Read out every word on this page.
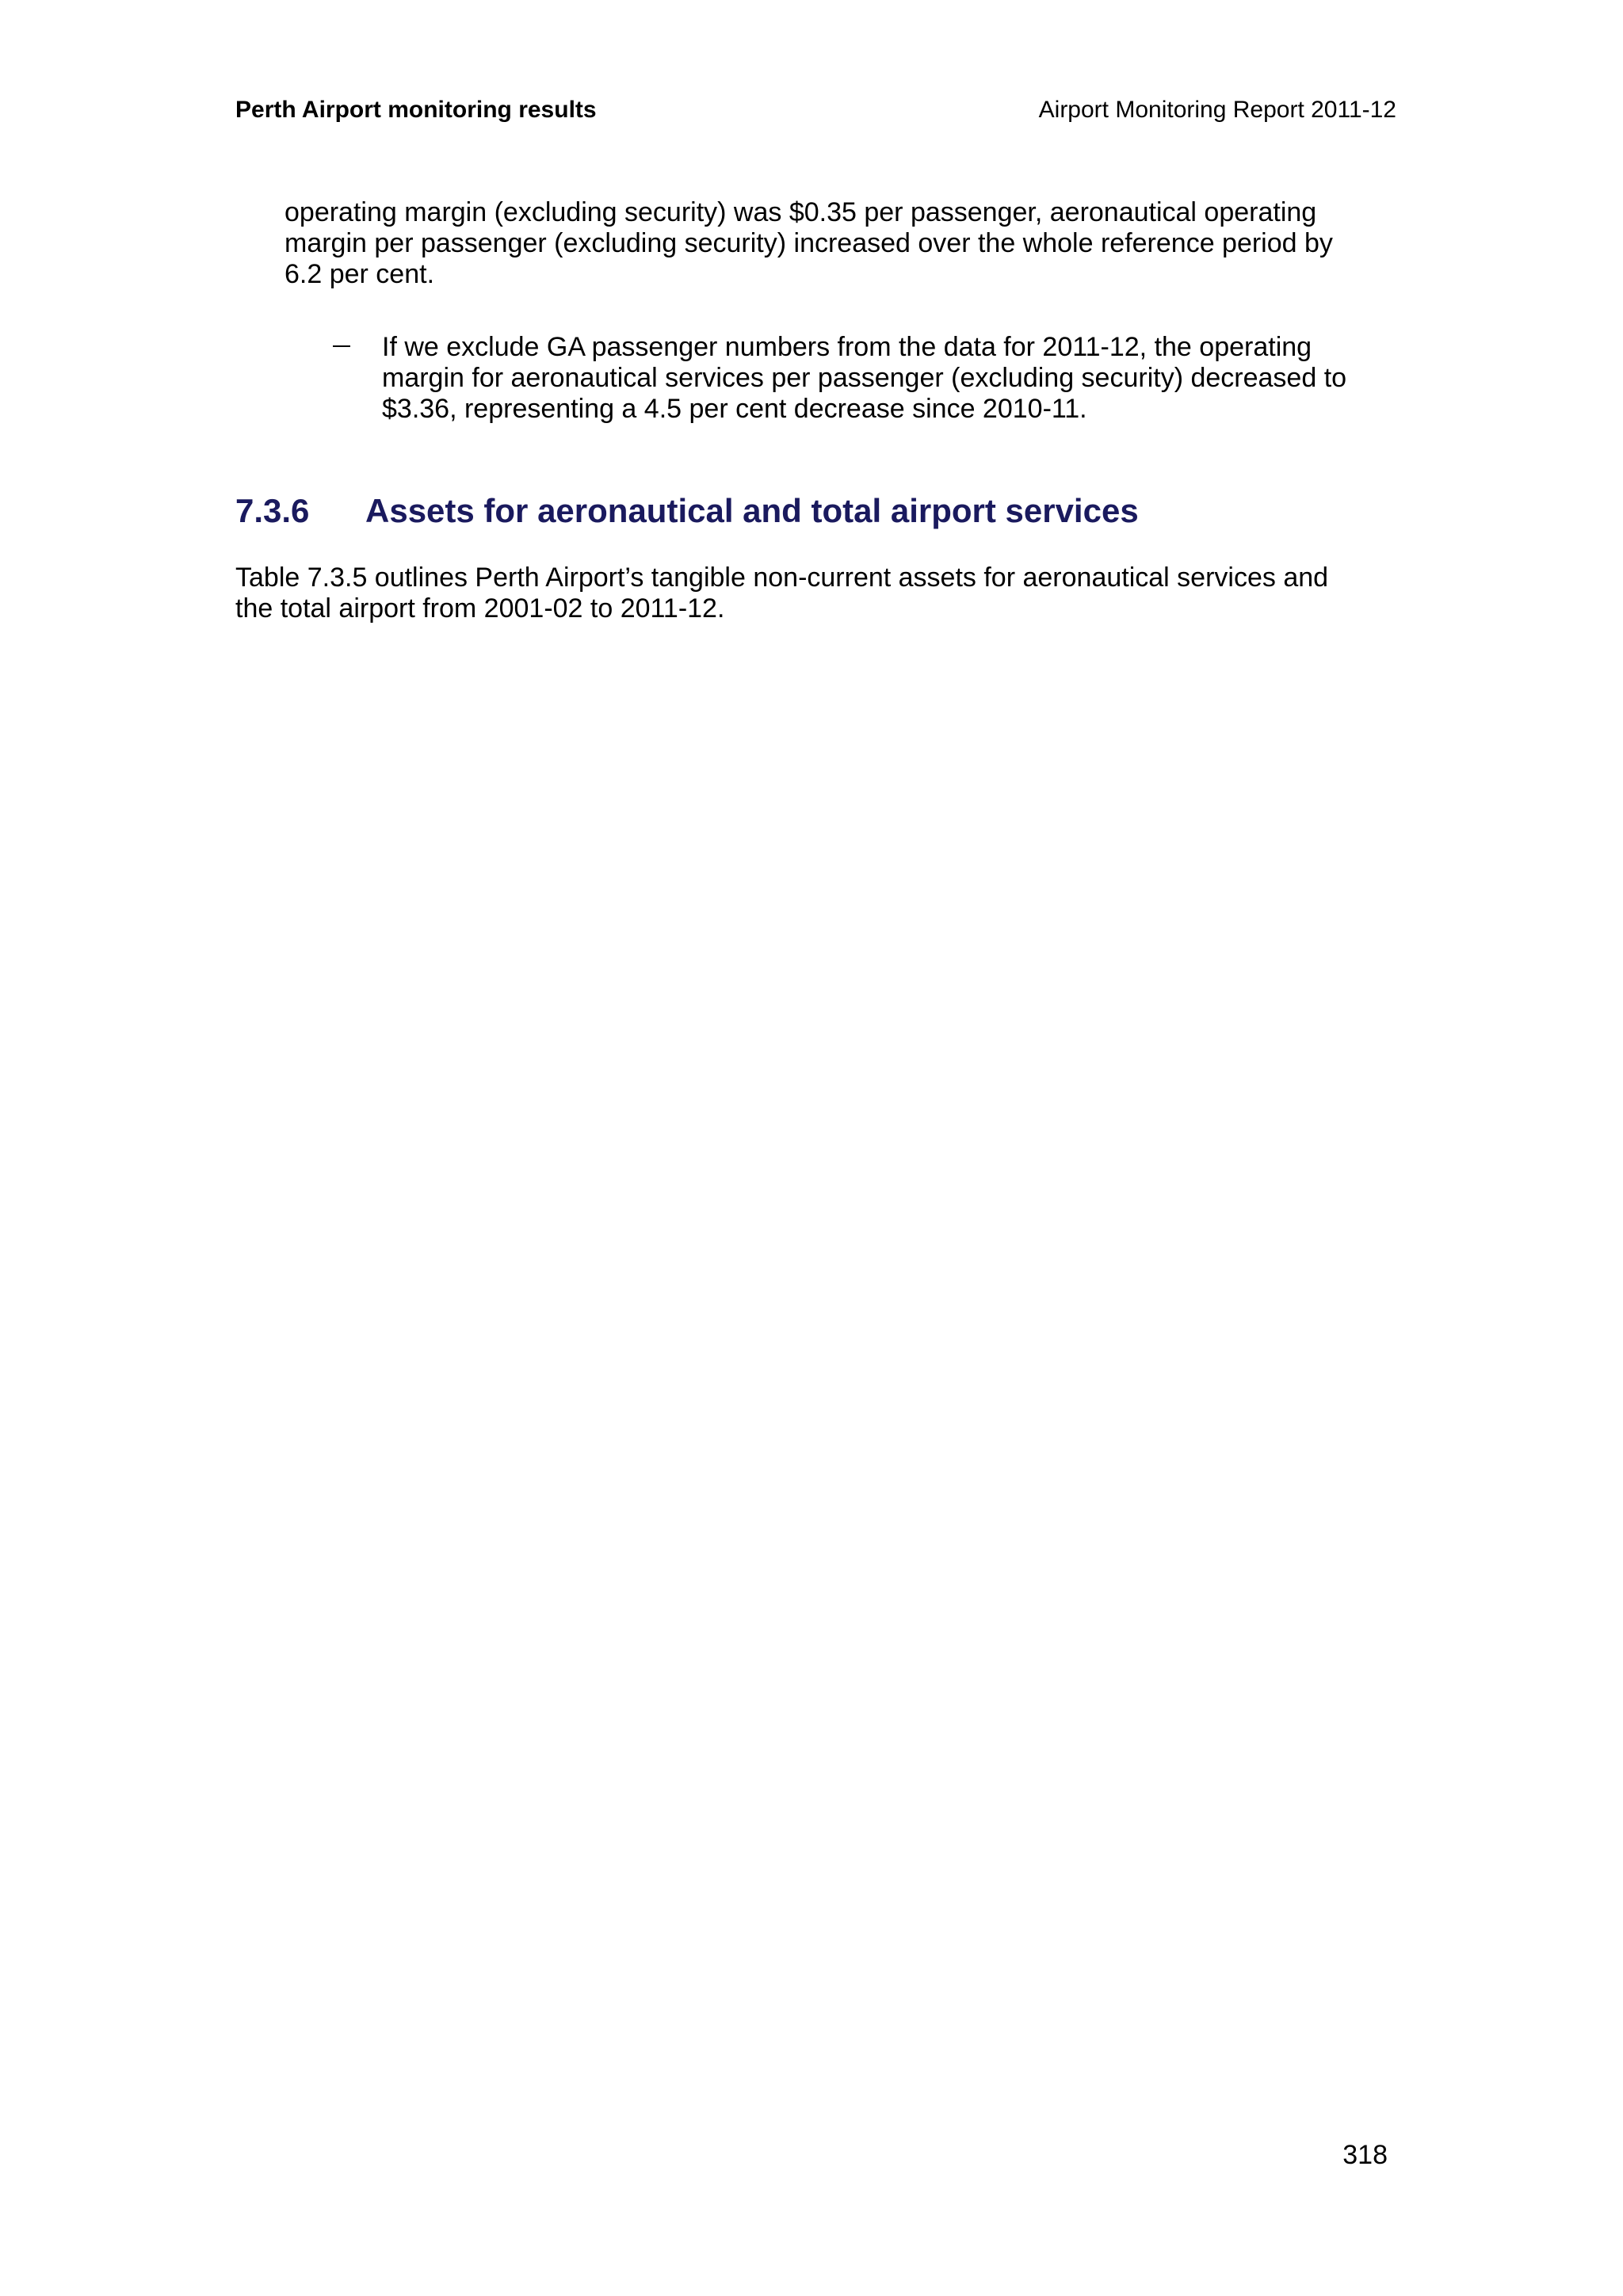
Perth Airport monitoring results	Airport Monitoring Report 2011-12
operating margin (excluding security) was $0.35 per passenger, aeronautical operating
margin per passenger (excluding security) increased over the whole reference period by
6.2 per cent.
If we exclude GA passenger numbers from the data for 2011-12, the operating
margin for aeronautical services per passenger (excluding security) decreased to
$3.36, representing a 4.5 per cent decrease since 2010-11.
7.3.6 Assets for aeronautical and total airport services
Table 7.3.5 outlines Perth Airport’s tangible non-current assets for aeronautical services and
the total airport from 2001-02 to 2011-12.
318
